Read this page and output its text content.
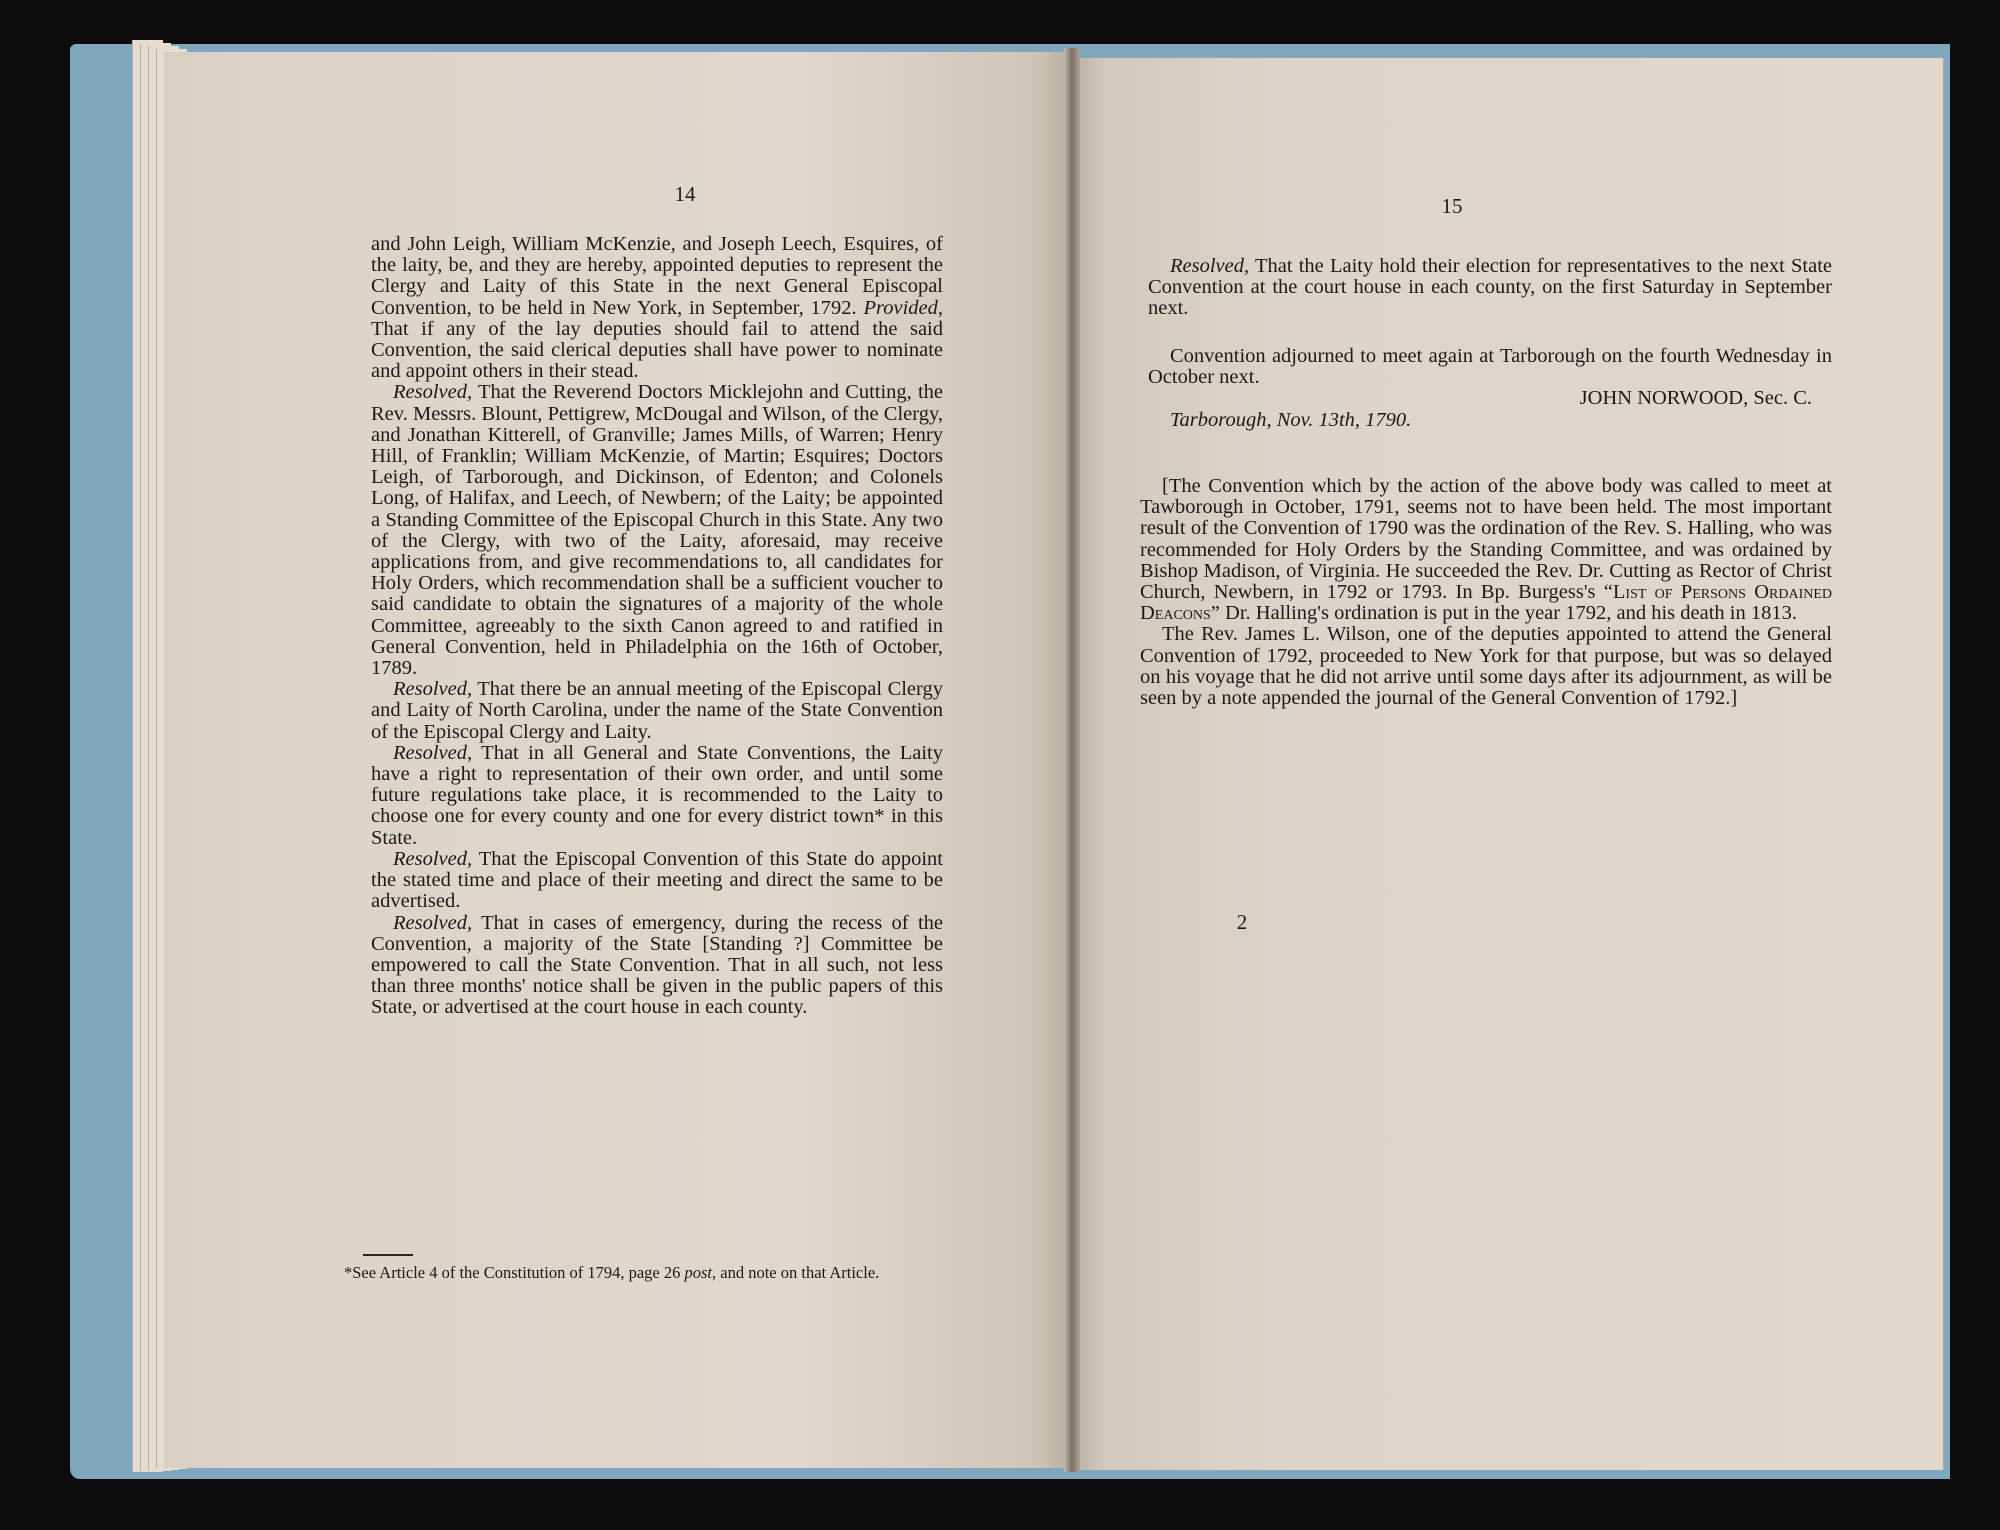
14

and John Leigh, William McKenzie, and Joseph Leech, Esquires, of the laity, be, and they are hereby, appointed deputies to represent the Clergy and Laity of this State in the next General Episcopal Convention, to be held in New York, in September, 1792. Provided, That if any of the lay deputies should fail to attend the said Convention, the said clerical deputies shall have power to nominate and appoint others in their stead.

Resolved, That the Reverend Doctors Micklejohn and Cutting, the Rev. Messrs. Blount, Pettigrew, McDougal and Wilson, of the Clergy, and Jonathan Kitterell, of Granville; James Mills, of Warren; Henry Hill, of Franklin; William McKenzie, of Martin; Esquires; Doctors Leigh, of Tarborough, and Dickinson, of Edenton; and Colonels Long, of Halifax, and Leech, of Newbern; of the Laity; be appointed a Standing Committee of the Episcopal Church in this State. Any two of the Clergy, with two of the Laity, aforesaid, may receive applications from, and give recommendations to, all candidates for Holy Orders, which recommendation shall be a sufficient voucher to said candidate to obtain the signatures of a majority of the whole Committee, agreeably to the sixth Canon agreed to and ratified in General Convention, held in Philadelphia on the 16th of October, 1789.

Resolved, That there be an annual meeting of the Episcopal Clergy and Laity of North Carolina, under the name of the State Convention of the Episcopal Clergy and Laity.

Resolved, That in all General and State Conventions, the Laity have a right to representation of their own order, and until some future regulations take place, it is recommended to the Laity to choose one for every county and one for every district town* in this State.

Resolved, That the Episcopal Convention of this State do appoint the stated time and place of their meeting and direct the same to be advertised.

Resolved, That in cases of emergency, during the recess of the Convention, a majority of the State [Standing ?] Committee be empowered to call the State Convention. That in all such, not less than three months' notice shall be given in the public papers of this State, or advertised at the court house in each county.

*See Article 4 of the Constitution of 1794, page 26 post, and note on that Article.
15

Resolved, That the Laity hold their election for representatives to the next State Convention at the court house in each county, on the first Saturday in September next.

Convention adjourned to meet again at Tarborough on the fourth Wednesday in October next.

JOHN NORWOOD, Sec. C.

Tarborough, Nov. 13th, 1790.

[The Convention which by the action of the above body was called to meet at Tawborough in October, 1791, seems not to have been held. The most important result of the Convention of 1790 was the ordination of the Rev. S. Halling, who was recommended for Holy Orders by the Standing Committee, and was ordained by Bishop Madison, of Virginia. He succeeded the Rev. Dr. Cutting as Rector of Christ Church, Newbern, in 1792 or 1793. In Bp. Burgess's “List of Persons Ordained Deacons” Dr. Halling's ordination is put in the year 1792, and his death in 1813.

The Rev. James L. Wilson, one of the deputies appointed to attend the General Convention of 1792, proceeded to New York for that purpose, but was so delayed on his voyage that he did not arrive until some days after its adjournment, as will be seen by a note appended the journal of the General Convention of 1792.]

2
